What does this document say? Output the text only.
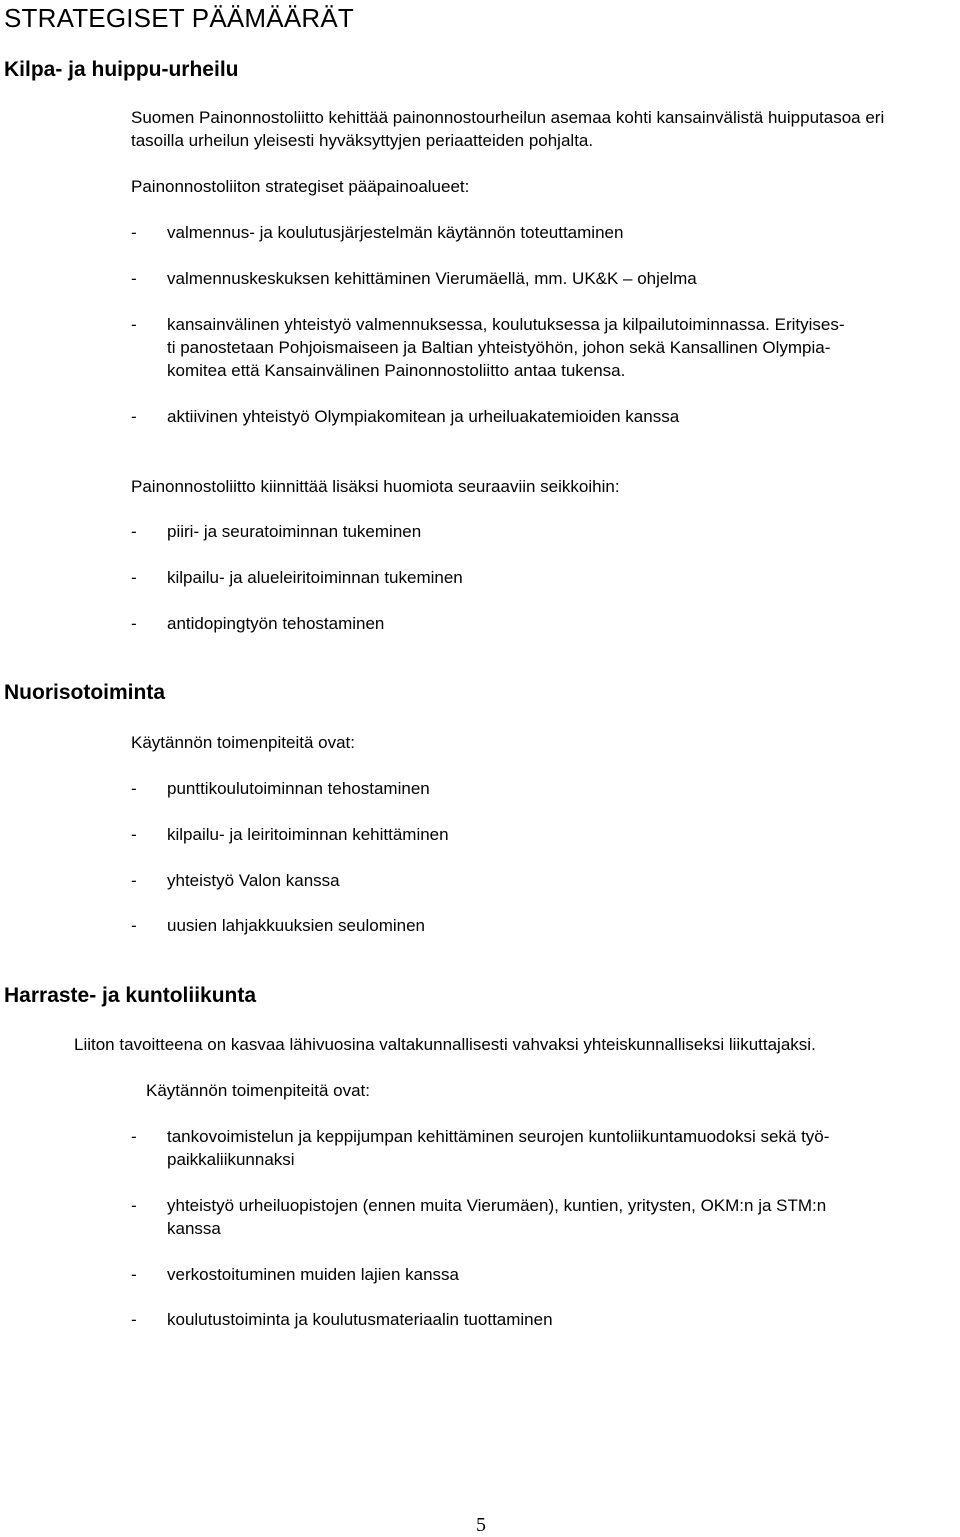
STRATEGISET PÄÄMÄÄRÄT
Kilpa- ja huippu-urheilu
Suomen Painonnostoliitto kehittää painonnostourheilun asemaa kohti kansainvälistä huipputasoa eri
tasoilla urheilun yleisesti hyväksyttyjen periaatteiden pohjalta.
Painonnostoliiton strategiset pääpainoalueet:
- valmennus- ja koulutusjärjestelmän käytännön toteuttaminen
- valmennuskeskuksen kehittäminen Vierumäellä, mm. UK&K – ohjelma
- kansainvälinen yhteistyö valmennuksessa, koulutuksessa ja kilpailutoiminnassa. Erityises-
ti panostetaan Pohjoismaiseen ja Baltian yhteistyöhön, johon sekä Kansallinen Olympia-
komitea että Kansainvälinen Painonnostoliitto antaa tukensa.
- aktiivinen yhteistyö Olympiakomitean ja urheiluakatemioiden kanssa
Painonnostoliitto kiinnittää lisäksi huomiota seuraaviin seikkoihin:
- piiri- ja seuratoiminnan tukeminen
- kilpailu- ja alueleiritoiminnan tukeminen
- antidopingtyön tehostaminen
Nuorisotoiminta
Käytännön toimenpiteitä ovat:
- punttikoulutoiminnan tehostaminen
- kilpailu- ja leiritoiminnan kehittäminen
- yhteistyö Valon kanssa
- uusien lahjakkuuksien seulominen
Harraste- ja kuntoliikunta
Liiton tavoitteena on kasvaa lähivuosina valtakunnallisesti vahvaksi yhteiskunnalliseksi liikuttajaksi.
Käytännön toimenpiteitä ovat:
- tankovoimistelun ja keppijumpan kehittäminen seurojen kuntoliikuntamuodoksi sekä työ-
paikkaliikunnaksi
- yhteistyö urheiluopistojen (ennen muita Vierumäen), kuntien, yritysten, OKM:n ja STM:n
kanssa
- verkostoituminen muiden lajien kanssa
- koulutustoiminta ja koulutusmateriaalin tuottaminen
5
